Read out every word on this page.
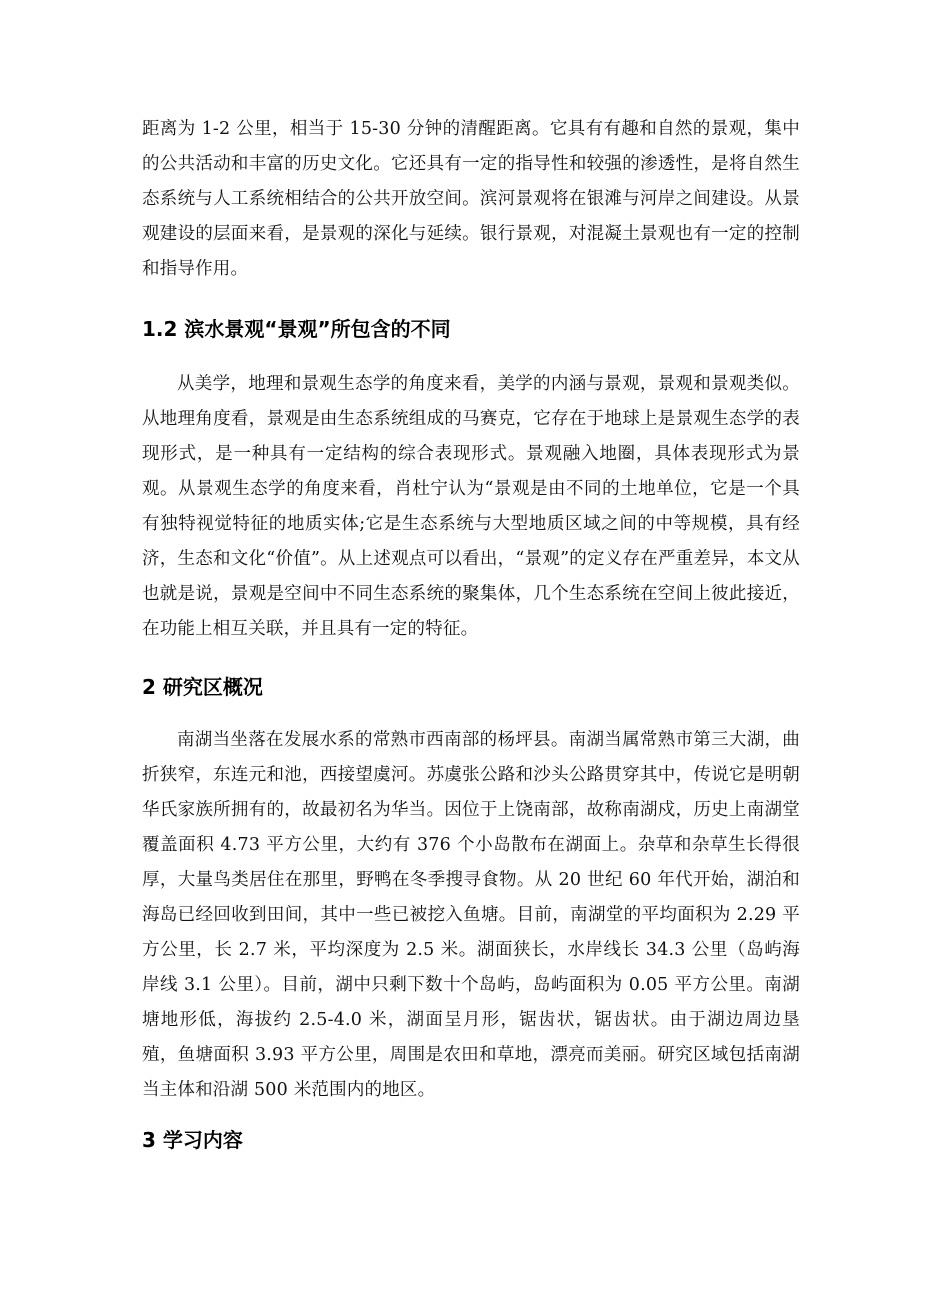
距离为 1-2 公里，相当于 15-30 分钟的清醒距离。它具有有趣和自然的景观，集中的公共活动和丰富的历史文化。它还具有一定的指导性和较强的渗透性，是将自然生态系统与人工系统相结合的公共开放空间。滨河景观将在银滩与河岸之间建设。从景观建设的层面来看，是景观的深化与延续。银行景观，对混凝土景观也有一定的控制和指导作用。

1.2 滨水景观“景观”所包含的不同

从美学，地理和景观生态学的角度来看，美学的内涵与景观，景观和景观类似。从地理角度看，景观是由生态系统组成的马赛克，它存在于地球上是景观生态学的表现形式，是一种具有一定结构的综合表现形式。景观融入地圈，具体表现形式为景观。从景观生态学的角度来看，肖杜宁认为“景观是由不同的土地单位，它是一个具有独特视觉特征的地质实体;它是生态系统与大型地质区域之间的中等规模，具有经济，生态和文化“价值”。从上述观点可以看出，“景观”的定义存在严重差异，本文从也就是说，景观是空间中不同生态系统的聚集体，几个生态系统在空间上彼此接近，在功能上相互关联，并且具有一定的特征。

2 研究区概况

南湖当坐落在发展水系的常熟市西南部的杨坪县。南湖当属常熟市第三大湖，曲折狭窄，东连元和池，西接望虞河。苏虞张公路和沙头公路贯穿其中，传说它是明朝华氏家族所拥有的，故最初名为华当。因位于上饶南部，故称南湖戍，历史上南湖堂覆盖面积 4.73 平方公里，大约有 376 个小岛散布在湖面上。杂草和杂草生长得很厚，大量鸟类居住在那里，野鸭在冬季搜寻食物。从 20 世纪 60 年代开始，湖泊和海岛已经回收到田间，其中一些已被挖入鱼塘。目前，南湖堂的平均面积为 2.29 平方公里，长 2.7 米，平均深度为 2.5 米。湖面狭长，水岸线长 34.3 公里（岛屿海岸线 3.1 公里）。目前，湖中只剩下数十个岛屿，岛屿面积为 0.05 平方公里。南湖塘地形低，海拔约 2.5-4.0 米，湖面呈月形，锯齿状，锯齿状。由于湖边周边垦殖，鱼塘面积 3.93 平方公里，周围是农田和草地，漂亮而美丽。研究区域包括南湖当主体和沿湖 500 米范围内的地区。

3 学习内容
